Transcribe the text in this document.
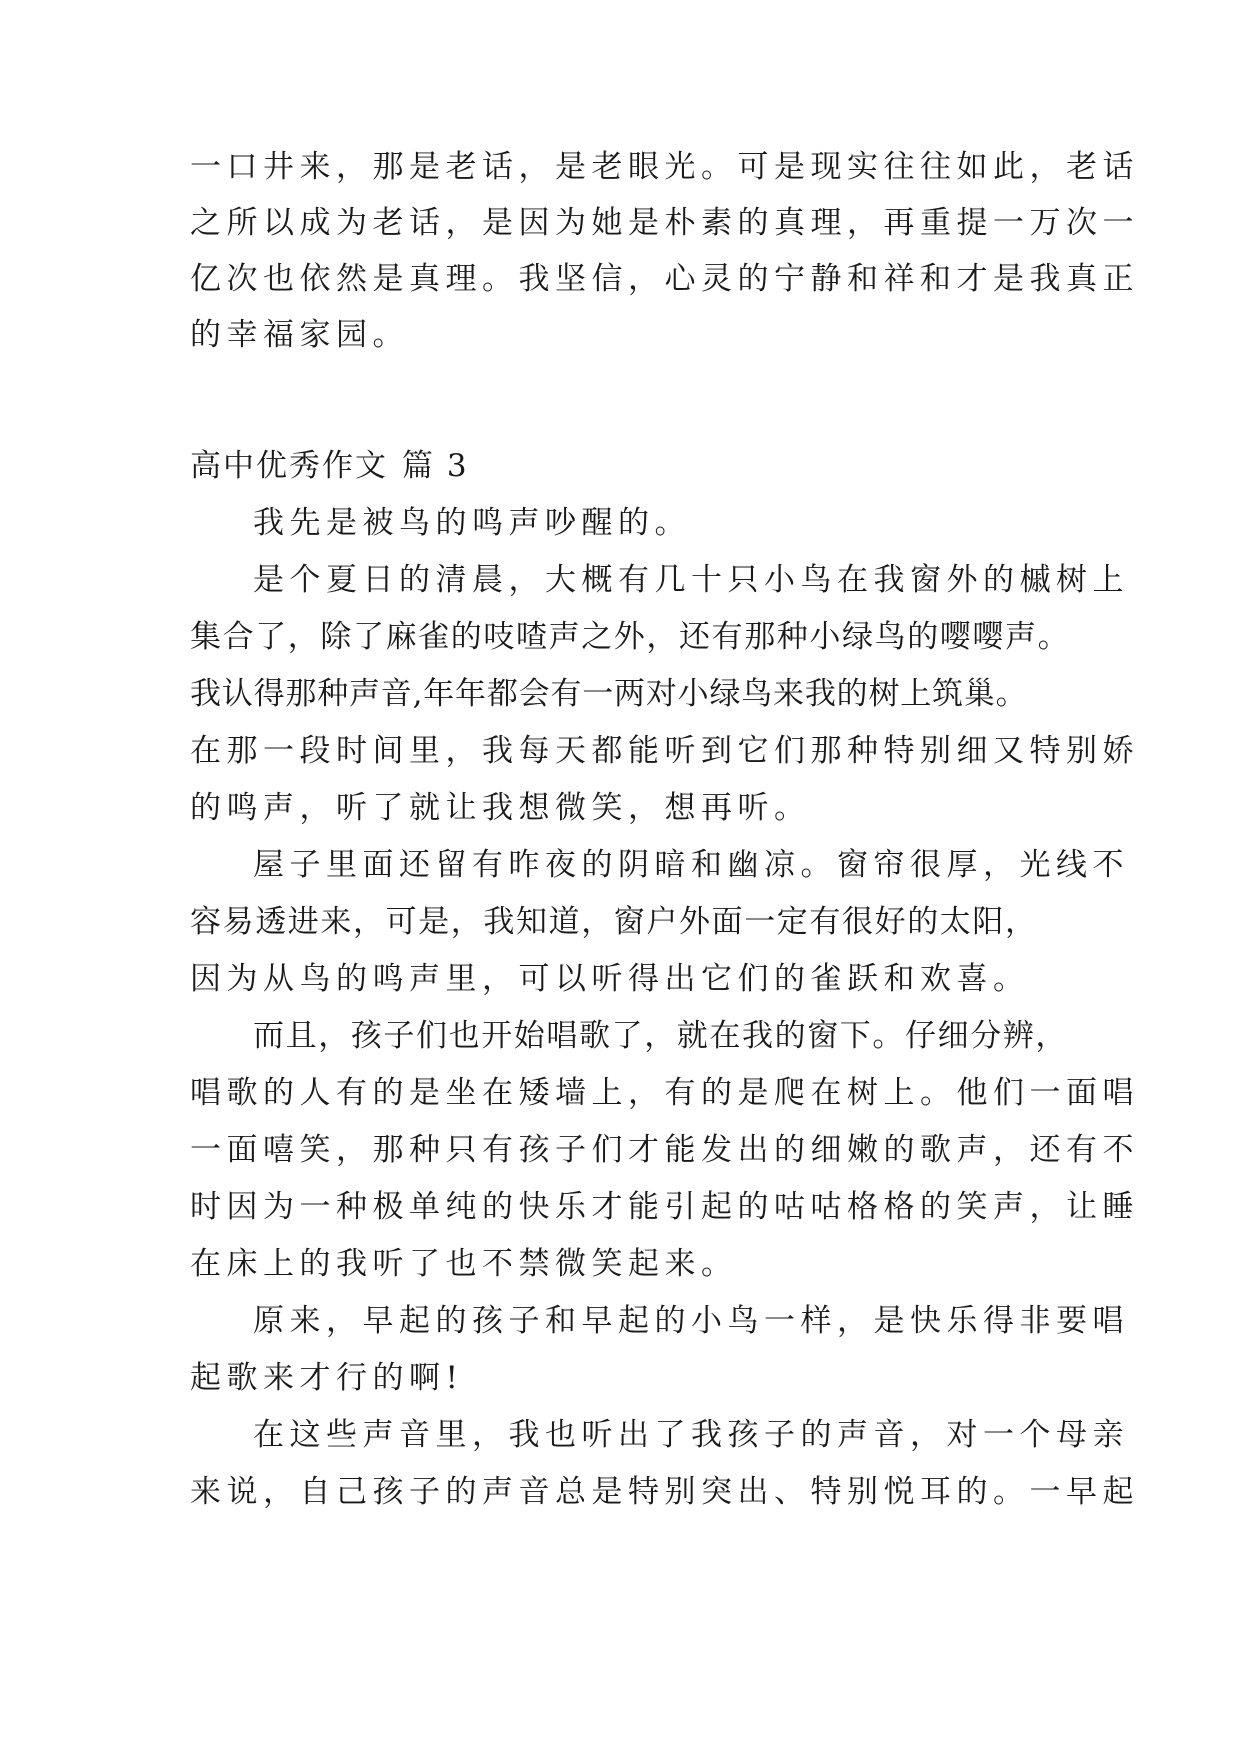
一口井来，那是老话，是老眼光。可是现实往往如此，老话
之所以成为老话，是因为她是朴素的真理，再重提一万次一
亿次也依然是真理。我坚信，心灵的宁静和祥和才是我真正
的幸福家园。
高中优秀作文 篇 3
我先是被鸟的鸣声吵醒的。
是个夏日的清晨，大概有几十只小鸟在我窗外的槭树上
集合了，除了麻雀的吱喳声之外，还有那种小绿鸟的嘤嘤声。
我认得那种声音,年年都会有一两对小绿鸟来我的树上筑巢。
在那一段时间里，我每天都能听到它们那种特别细又特别娇
的鸣声，听了就让我想微笑，想再听。
屋子里面还留有昨夜的阴暗和幽凉。窗帘很厚，光线不
容易透进来，可是，我知道，窗户外面一定有很好的太阳，
因为从鸟的鸣声里，可以听得出它们的雀跃和欢喜。
而且，孩子们也开始唱歌了，就在我的窗下。仔细分辨，
唱歌的人有的是坐在矮墙上，有的是爬在树上。他们一面唱
一面嘻笑，那种只有孩子们才能发出的细嫩的歌声，还有不
时因为一种极单纯的快乐才能引起的咕咕格格的笑声，让睡
在床上的我听了也不禁微笑起来。
原来，早起的孩子和早起的小鸟一样，是快乐得非要唱
起歌来才行的啊!
在这些声音里，我也听出了我孩子的声音，对一个母亲
来说，自己孩子的声音总是特别突出、特别悦耳的。一早起
